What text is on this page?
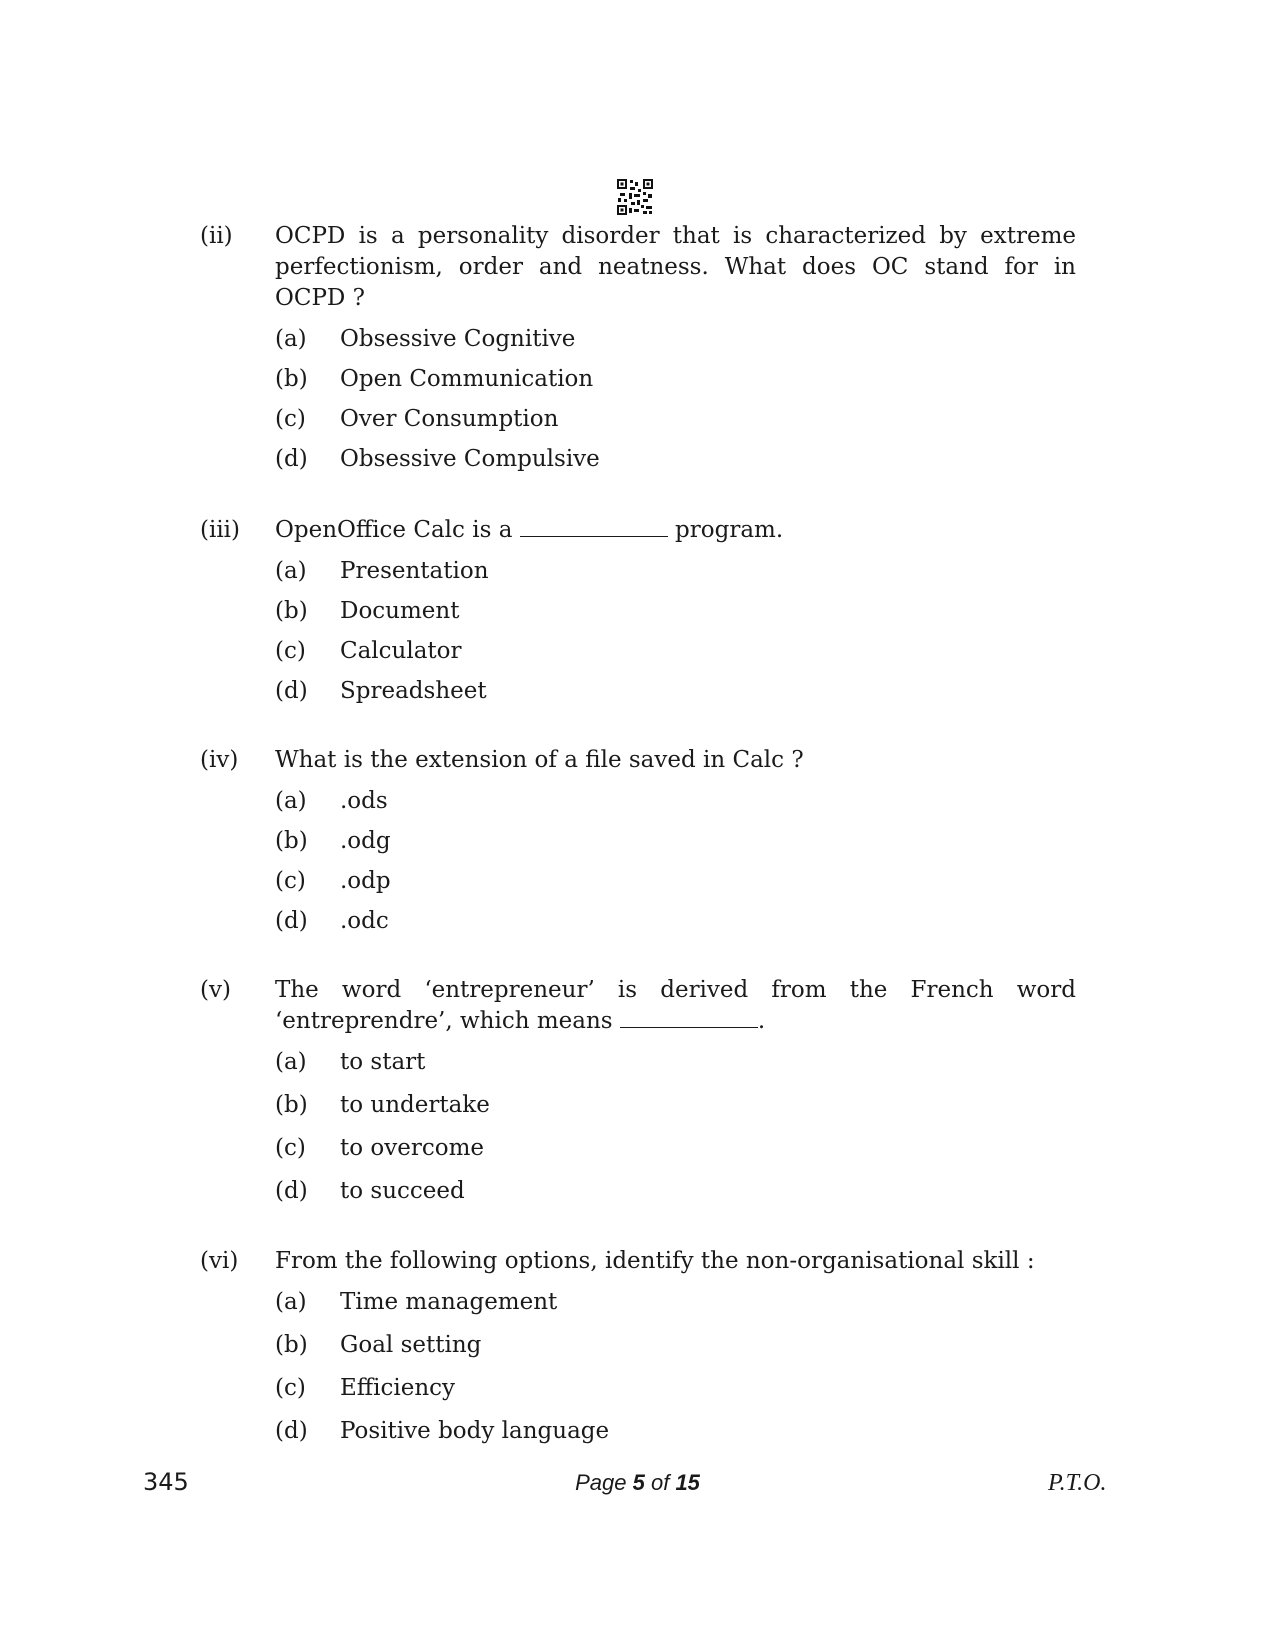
(ii) OCPD is a personality disorder that is characterized by extreme perfectionism, order and neatness. What does OC stand for in OCPD ?
(a)	Obsessive Cognitive
(b)	Open Communication
(c)	Over Consumption
(d)	Obsessive Compulsive
(iii) OpenOffice Calc is a	program.
(a)	Presentation
(b)	Document
(c)	Calculator
(d)	Spreadsheet
(iv) What is the extension of a file saved in Calc ?
(a)	.ods
(b)	.odg
(c)	.odp
(d)	.odc
(v) The word ‘entrepreneur’ is derived from the French word ‘entreprendre’, which means	.
(a)	to start
(b)	to undertake
(c)	to overcome
(d)	to succeed
(vi) From the following options, identify the non-organisational skill :
(a)	Time management
(b)	Goal setting
(c)	Efficiency
(d)	Positive body language
345	Page 5 of 15	P.T.O.
